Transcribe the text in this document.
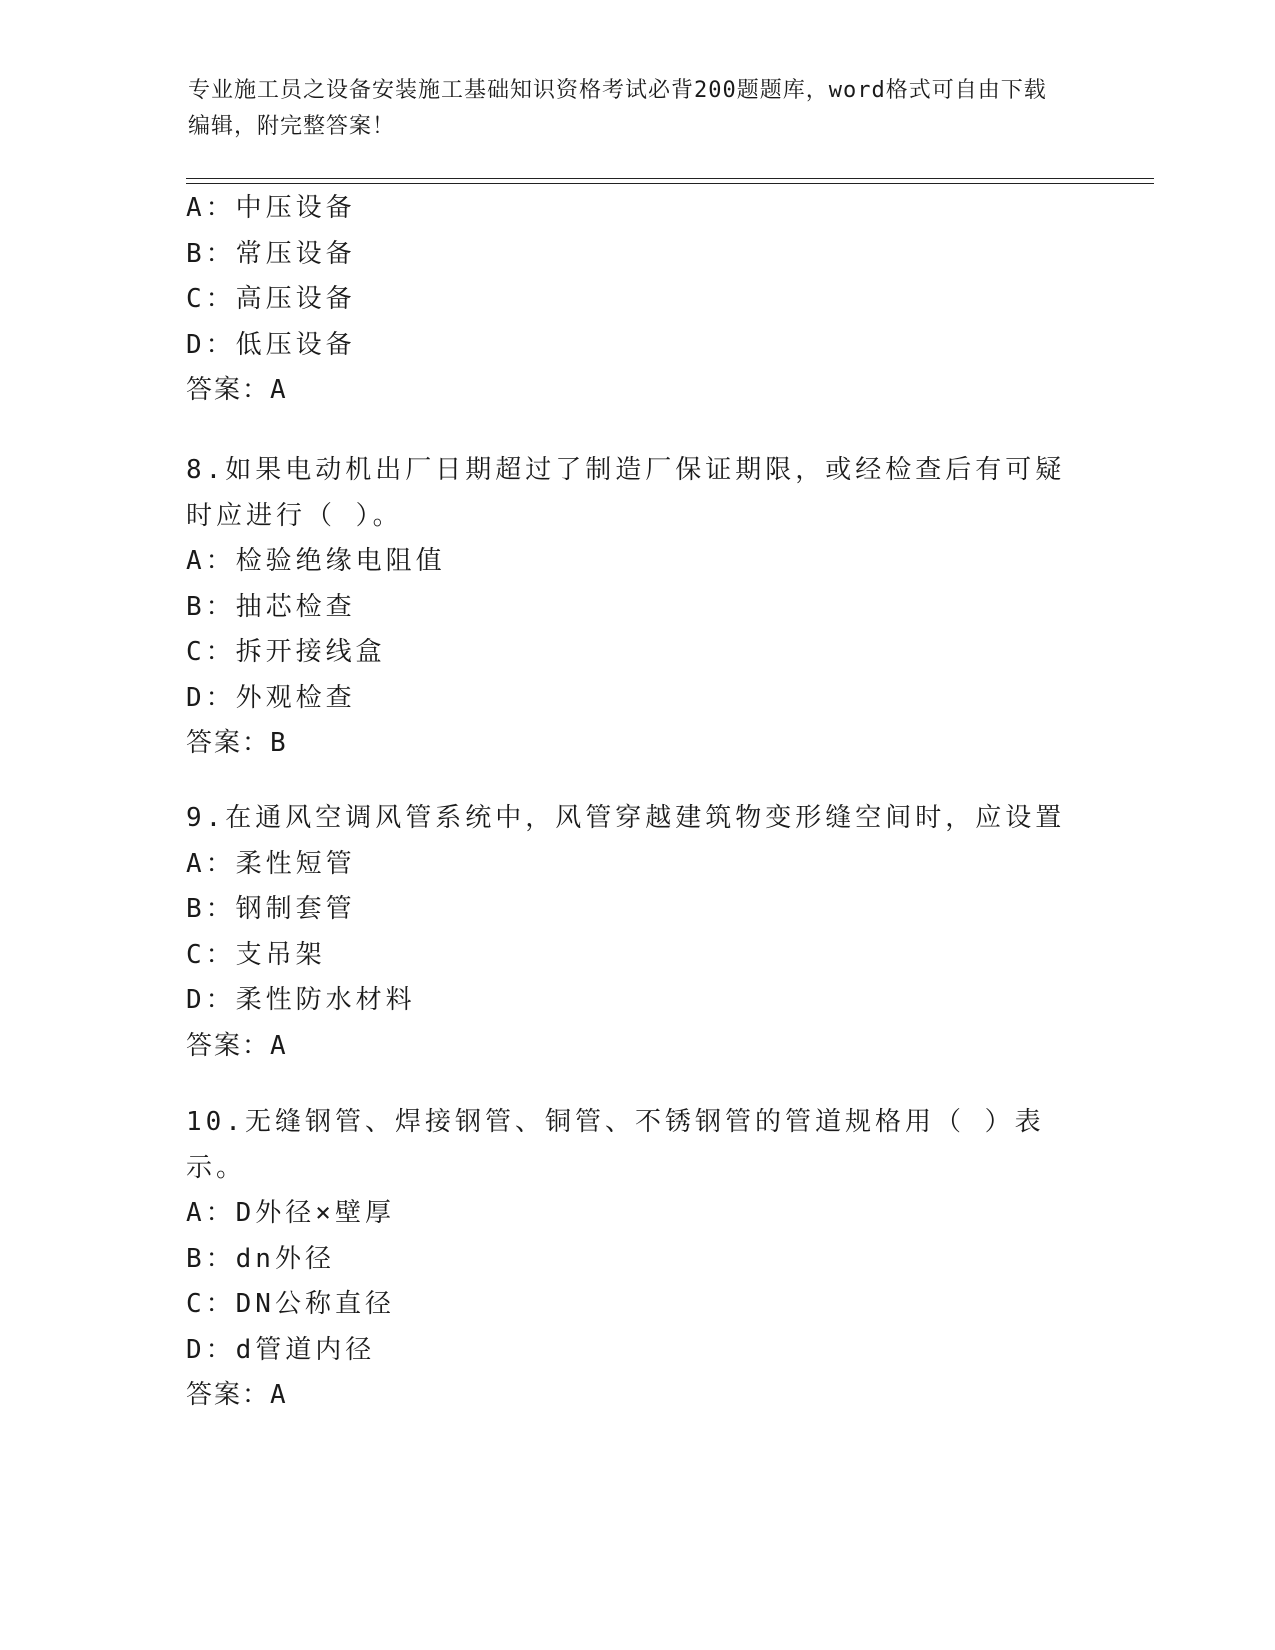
专业施工员之设备安装施工基础知识资格考试必背200题题库，word格式可自由下载编辑，附完整答案！
A：中压设备
B：常压设备
C：高压设备
D：低压设备
答案：A
8.如果电动机出厂日期超过了制造厂保证期限，或经检查后有可疑时应进行（ ）。
A：检验绝缘电阻值
B：抽芯检查
C：拆开接线盒
D：外观检查
答案：B
9.在通风空调风管系统中，风管穿越建筑物变形缝空间时，应设置
A：柔性短管
B：钢制套管
C：支吊架
D：柔性防水材料
答案：A
10.无缝钢管、焊接钢管、铜管、不锈钢管的管道规格用（ ）表示。
A：D外径×壁厚
B：dn外径
C：DN公称直径
D：d管道内径
答案：A
